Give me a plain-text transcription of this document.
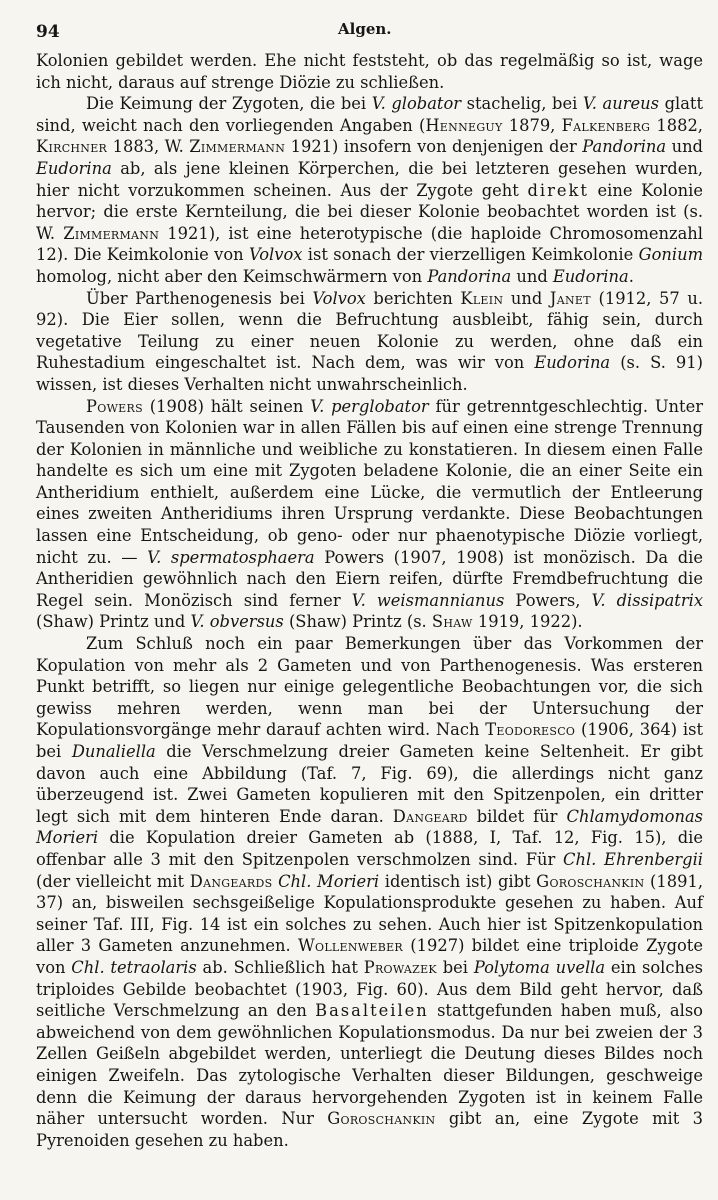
94	Algen.

Kolonien gebildet werden. Ehe nicht feststeht, ob das regelmäßig so ist, wage ich nicht, daraus auf strenge Diözie zu schließen.

Die Keimung der Zygoten, die bei V. globator stachelig, bei V. aureus glatt sind, weicht nach den vorliegenden Angaben (Henneguy 1879, Falkenberg 1882, Kirchner 1883, W. Zimmermann 1921) insofern von denjenigen der Pandorina und Eudorina ab, als jene kleinen Körperchen, die bei letzteren gesehen wurden, hier nicht vorzukommen scheinen. Aus der Zygote geht direkt eine Kolonie hervor; die erste Kernteilung, die bei dieser Kolonie beobachtet worden ist (s. W. Zimmermann 1921), ist eine heterotypische (die haploide Chromosomenzahl 12). Die Keimkolonie von Volvox ist sonach der vierzelligen Keimkolonie Gonium homolog, nicht aber den Keimschwärmern von Pandorina und Eudorina.

Über Parthenogenesis bei Volvox berichten Klein und Janet (1912, 57 u. 92). Die Eier sollen, wenn die Befruchtung ausbleibt, fähig sein, durch vegetative Teilung zu einer neuen Kolonie zu werden, ohne daß ein Ruhestadium eingeschaltet ist. Nach dem, was wir von Eudorina (s. S. 91) wissen, ist dieses Verhalten nicht unwahrscheinlich.

Powers (1908) hält seinen V. perglobator für getrenntgeschlechtig. Unter Tausenden von Kolonien war in allen Fällen bis auf einen eine strenge Trennung der Kolonien in männliche und weibliche zu konstatieren. In diesem einen Falle handelte es sich um eine mit Zygoten beladene Kolonie, die an einer Seite ein Antheridium enthielt, außerdem eine Lücke, die vermutlich der Entleerung eines zweiten Antheridiums ihren Ursprung verdankte. Diese Beobachtungen lassen eine Entscheidung, ob geno- oder nur phaenotypische Diözie vorliegt, nicht zu. — V. spermatosphaera Powers (1907, 1908) ist monözisch. Da die Antheridien gewöhnlich nach den Eiern reifen, dürfte Fremdbefruchtung die Regel sein. Monözisch sind ferner V. weismannianus Powers, V. dissipatrix (Shaw) Printz und V. obversus (Shaw) Printz (s. Shaw 1919, 1922).

Zum Schluß noch ein paar Bemerkungen über das Vorkommen der Kopulation von mehr als 2 Gameten und von Parthenogenesis. Was ersteren Punkt betrifft, so liegen nur einige gelegentliche Beobachtungen vor, die sich gewiss mehren werden, wenn man bei der Untersuchung der Kopulationsvorgänge mehr darauf achten wird. Nach Teodoresco (1906, 364) ist bei Dunaliella die Verschmelzung dreier Gameten keine Seltenheit. Er gibt davon auch eine Abbildung (Taf. 7, Fig. 69), die allerdings nicht ganz überzeugend ist. Zwei Gameten kopulieren mit den Spitzenpolen, ein dritter legt sich mit dem hinteren Ende daran. Dangeard bildet für Chlamydomonas Morieri die Kopulation dreier Gameten ab (1888, I, Taf. 12, Fig. 15), die offenbar alle 3 mit den Spitzenpolen verschmolzen sind. Für Chl. Ehrenbergii (der vielleicht mit Dangeards Chl. Morieri identisch ist) gibt Goroschankin (1891, 37) an, bisweilen sechsgeißelige Kopulationsprodukte gesehen zu haben. Auf seiner Taf. III, Fig. 14 ist ein solches zu sehen. Auch hier ist Spitzenkopulation aller 3 Gameten anzunehmen. Wollenweber (1927) bildet eine triploide Zygote von Chl. tetraolaris ab. Schließlich hat Prowazek bei Polytoma uvella ein solches triploides Gebilde beobachtet (1903, Fig. 60). Aus dem Bild geht hervor, daß seitliche Verschmelzung an den Basalteilen stattgefunden haben muß, also abweichend von dem gewöhnlichen Kopulationsmodus. Da nur bei zweien der 3 Zellen Geißeln abgebildet werden, unterliegt die Deutung dieses Bildes noch einigen Zweifeln. Das zytologische Verhalten dieser Bildungen, geschweige denn die Keimung der daraus hervorgehenden Zygoten ist in keinem Falle näher untersucht worden. Nur Goroschankin gibt an, eine Zygote mit 3 Pyrenoiden gesehen zu haben.
